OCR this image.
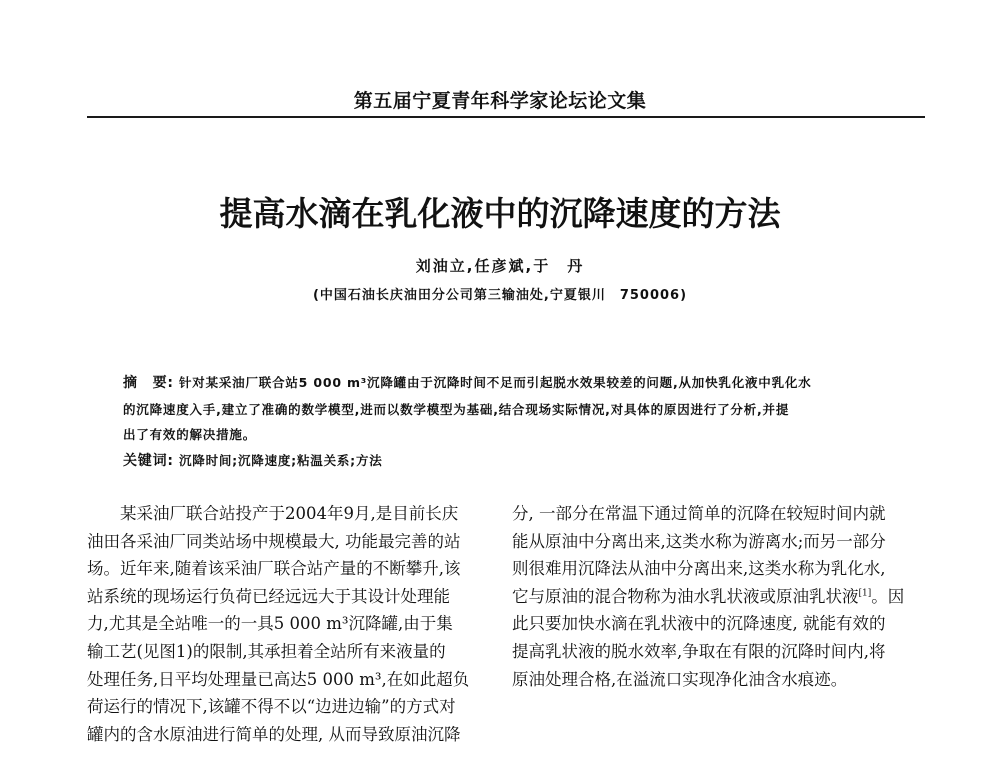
第五届宁夏青年科学家论坛论文集
提高水滴在乳化液中的沉降速度的方法
刘油立,任彦斌,于　丹
(中国石油长庆油田分公司第三输油处,宁夏银川　750006)
摘　要: 针对某采油厂联合站5 000 m³沉降罐由于沉降时间不足而引起脱水效果较差的问题,从加快乳化液中乳化水
的沉降速度入手,建立了准确的数学模型,进而以数学模型为基础,结合现场实际情况,对具体的原因进行了分析,并提
出了有效的解决措施。
关键词: 沉降时间;沉降速度;粘温关系;方法
　　某采油厂联合站投产于2004年9月,是目前长庆
油田各采油厂同类站场中规模最大, 功能最完善的站
场。近年来,随着该采油厂联合站产量的不断攀升,该
站系统的现场运行负荷已经远远大于其设计处理能
力,尤其是全站唯一的一具5 000 m³沉降罐,由于集
输工艺(见图1)的限制,其承担着全站所有来液量的
处理任务,日平均处理量已高达5 000 m³,在如此超负
荷运行的情况下,该罐不得不以“边进边输”的方式对
罐内的含水原油进行简单的处理, 从而导致原油沉降
分, 一部分在常温下通过简单的沉降在较短时间内就
能从原油中分离出来,这类水称为游离水;而另一部分
则很难用沉降法从油中分离出来,这类水称为乳化水,
它与原油的混合物称为油水乳状液或原油乳状液[1]。因
此只要加快水滴在乳状液中的沉降速度, 就能有效的
提高乳状液的脱水效率,争取在有限的沉降时间内,将
原油处理合格,在溢流口实现净化油含水痕迹。
